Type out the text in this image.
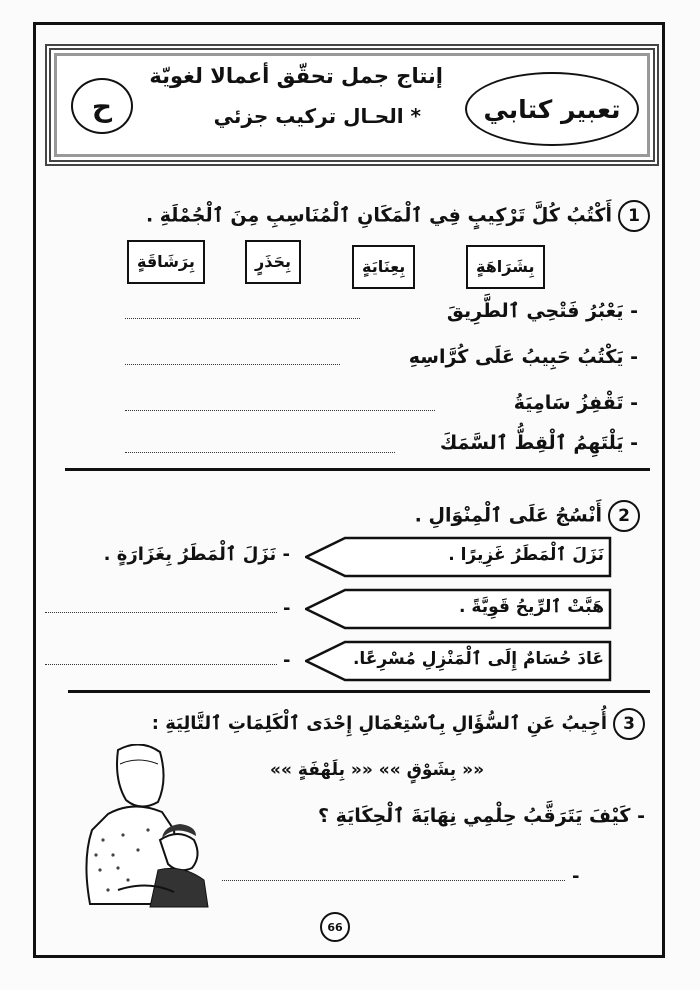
ح
إنتاج جمل تحقّق أعمالا لغويّة
* الحـال تركيب جزئي	تعبير كتابي
1أَكْتُبُ كُلَّ تَرْكِيبٍ فِي ٱلْمَكَانِ ٱلْمُنَاسِبِ مِنَ ٱلْجُمْلَةِ .
بِشَرَاهَةٍ
بِعِنَايَةٍ
بِحَذَرٍ
بِرَشَاقَةٍ
- يَعْبُرُ فَتْحِي ٱلطَّرِيقَ
- يَكْتُبُ حَبِيبُ عَلَى كُرَّاسِهِ
- تَقْفِزُ سَامِيَةُ
- يَلْتَهِمُ ٱلْقِطُّ ٱلسَّمَكَ
2أَنْسُجُ عَلَى ٱلْمِنْوَالِ .
- نَزَلَ ٱلْمَطَرُ بِغَزَارَةٍ .	نَزَلَ ٱلْمَطَرُ غَزِيرًا .
هَبَّتْ ٱلرِّيحُ قَوِيَّةً .
عَادَ حُسَامٌ إِلَى ٱلْمَنْزِلِ مُسْرِعًا.
-
-
3أُجِيبُ عَنِ ٱلسُّؤَالِ بِٱسْتِعْمَالِ إِحْدَى ٱلْكَلِمَاتِ ٱلتَّالِيَةِ :
«« بِشَوْقٍ »» «« بِلَهْفَةٍ »»
- كَيْفَ يَتَرَقَّبُ حِلْمِي نِهَايَةَ ٱلْحِكَايَةِ ؟
-
66
